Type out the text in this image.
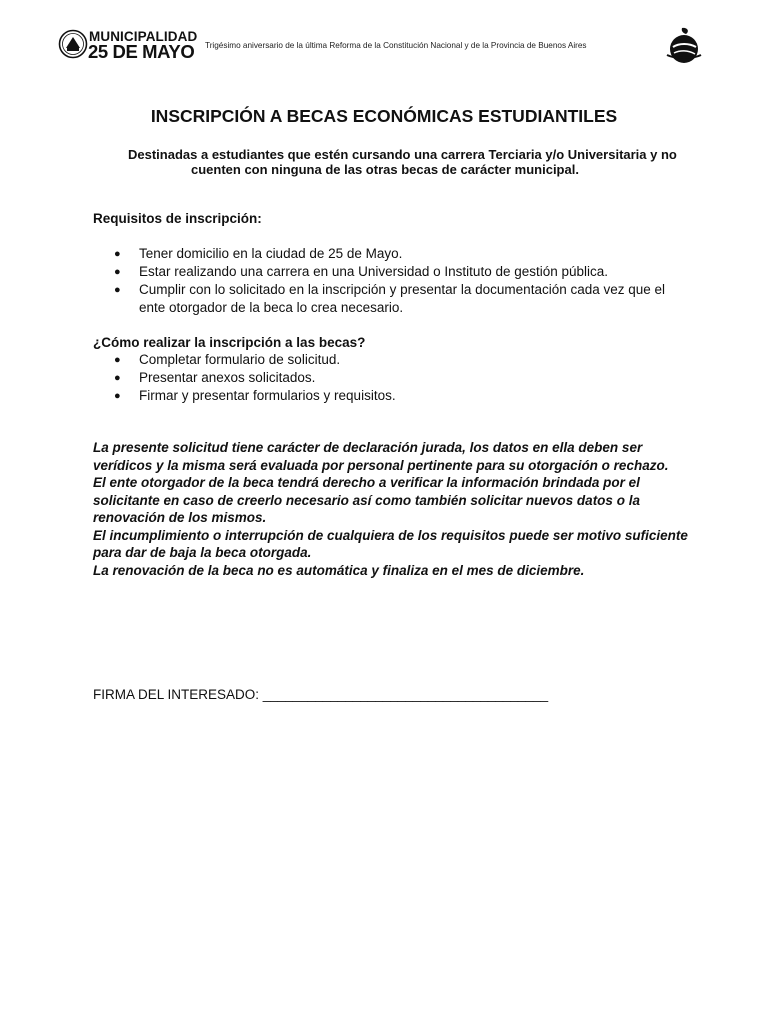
MUNICIPALIDAD
25 DE MAYO Trigésimo aniversario de la última Reforma de la Constitución Nacional y de la Provincia de Buenos Aires
INSCRIPCIÓN A BECAS ECONÓMICAS ESTUDIANTILES
Destinadas a estudiantes que estén cursando una carrera Terciaria y/o Universitaria y no
cuenten con ninguna de las otras becas de carácter municipal.
Requisitos de inscripción:
● Tener domicilio en la ciudad de 25 de Mayo.
● Estar realizando una carrera en una Universidad o Instituto de gestión pública.
● Cumplir con lo solicitado en la inscripción y presentar la documentación cada vez que el ente otorgador de la beca lo crea necesario.
¿Cómo realizar la inscripción a las becas?
● Completar formulario de solicitud.
● Presentar anexos solicitados.
● Firmar y presentar formularios y requisitos.
La presente solicitud tiene carácter de declaración jurada, los datos en ella deben ser verídicos y la misma será evaluada por personal pertinente para su otorgación o rechazo.
El ente otorgador de la beca tendrá derecho a verificar la información brindada por el solicitante en caso de creerlo necesario así como también solicitar nuevos datos o la renovación de los mismos.
El incumplimiento o interrupción de cualquiera de los requisitos puede ser motivo suficiente para dar de baja la beca otorgada.
La renovación de la beca no es automática y finaliza en el mes de diciembre.
FIRMA DEL INTERESADO: ______________________________________
